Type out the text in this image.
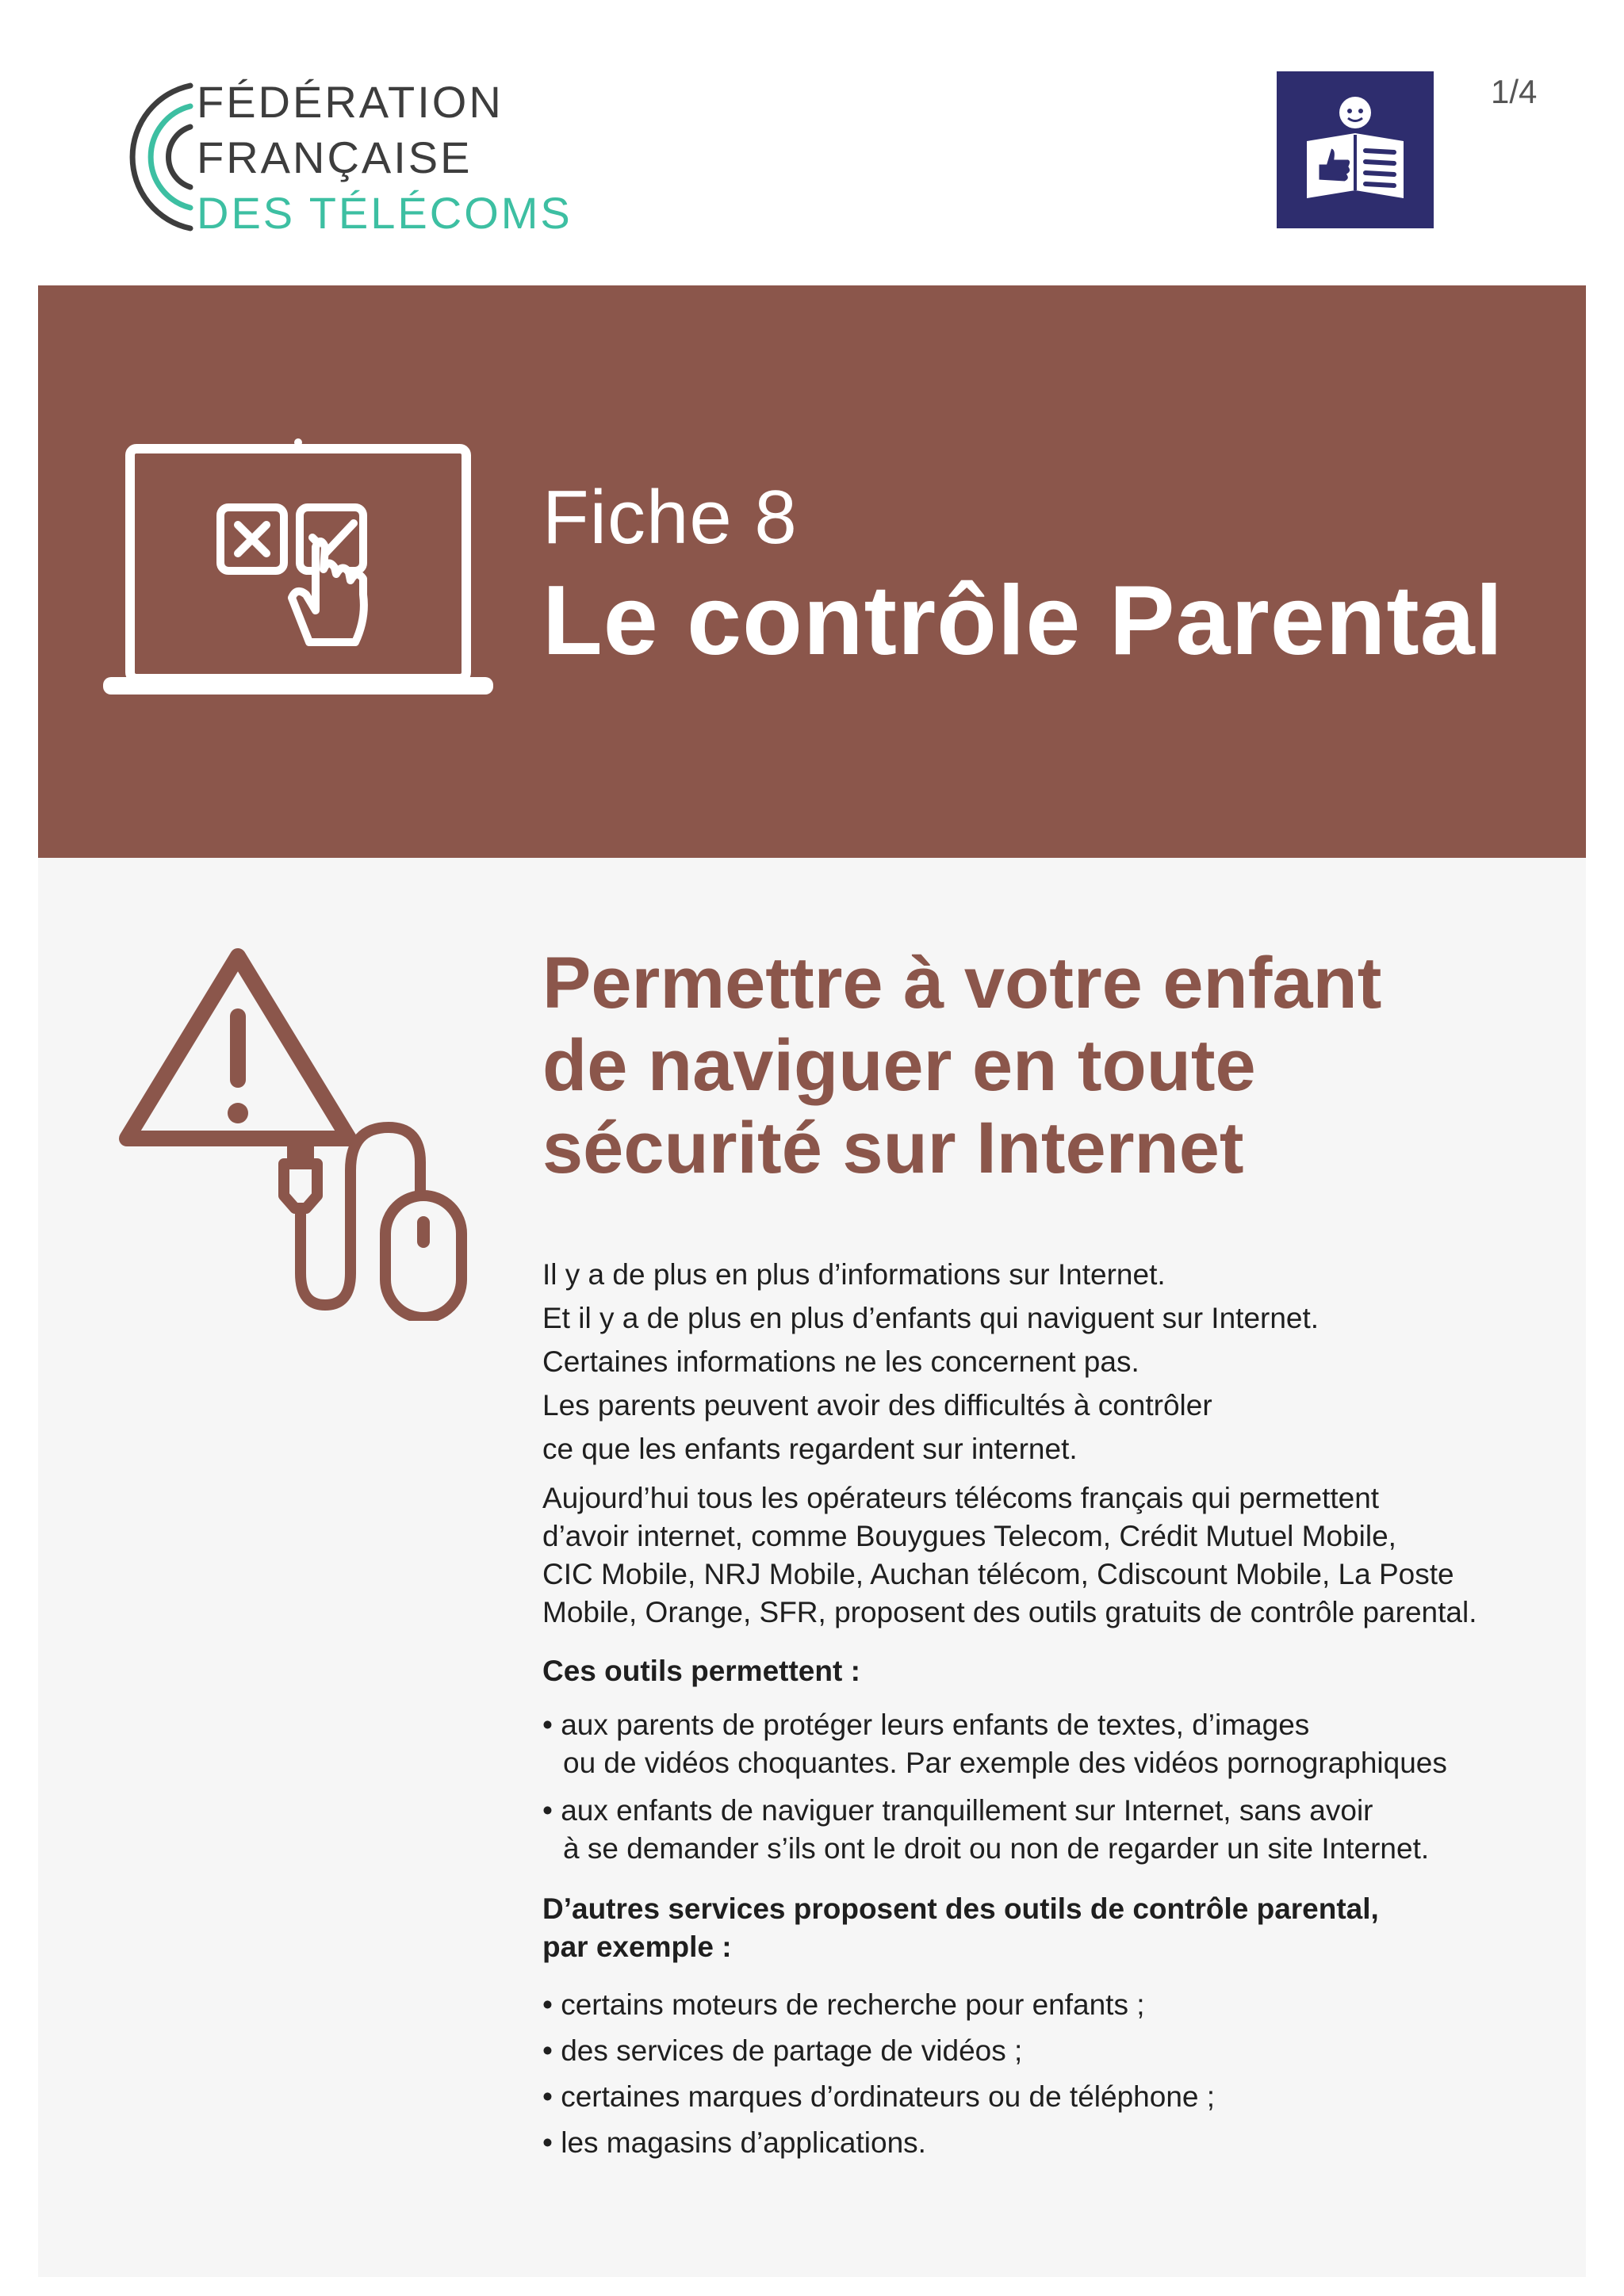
FÉDÉRATION
FRANÇAISE
DES TÉLÉCOMS
1/4
Fiche 8
Le contrôle Parental
Permettre à votre enfant
de naviguer en toute
sécurité sur Internet
Il y a de plus en plus d’informations sur Internet.
Et il y a de plus en plus d’enfants qui naviguent sur Internet.
Certaines informations ne les concernent pas.
Les parents peuvent avoir des difficultés à contrôler
ce que les enfants regardent sur internet.
Aujourd’hui tous les opérateurs télécoms français qui permettent
d’avoir internet, comme Bouygues Telecom, Crédit Mutuel Mobile,
CIC Mobile, NRJ Mobile, Auchan télécom, Cdiscount Mobile, La Poste
Mobile, Orange, SFR, proposent des outils gratuits de contrôle parental.
Ces outils permettent :
• aux parents de protéger leurs enfants de textes, d’images
ou de vidéos choquantes. Par exemple des vidéos pornographiques
• aux enfants de naviguer tranquillement sur Internet, sans avoir
à se demander s’ils ont le droit ou non de regarder un site Internet.
D’autres services proposent des outils de contrôle parental,
par exemple :
• certains moteurs de recherche pour enfants ;
• des services de partage de vidéos ;
• certaines marques d’ordinateurs ou de téléphone ;
• les magasins d’applications.
